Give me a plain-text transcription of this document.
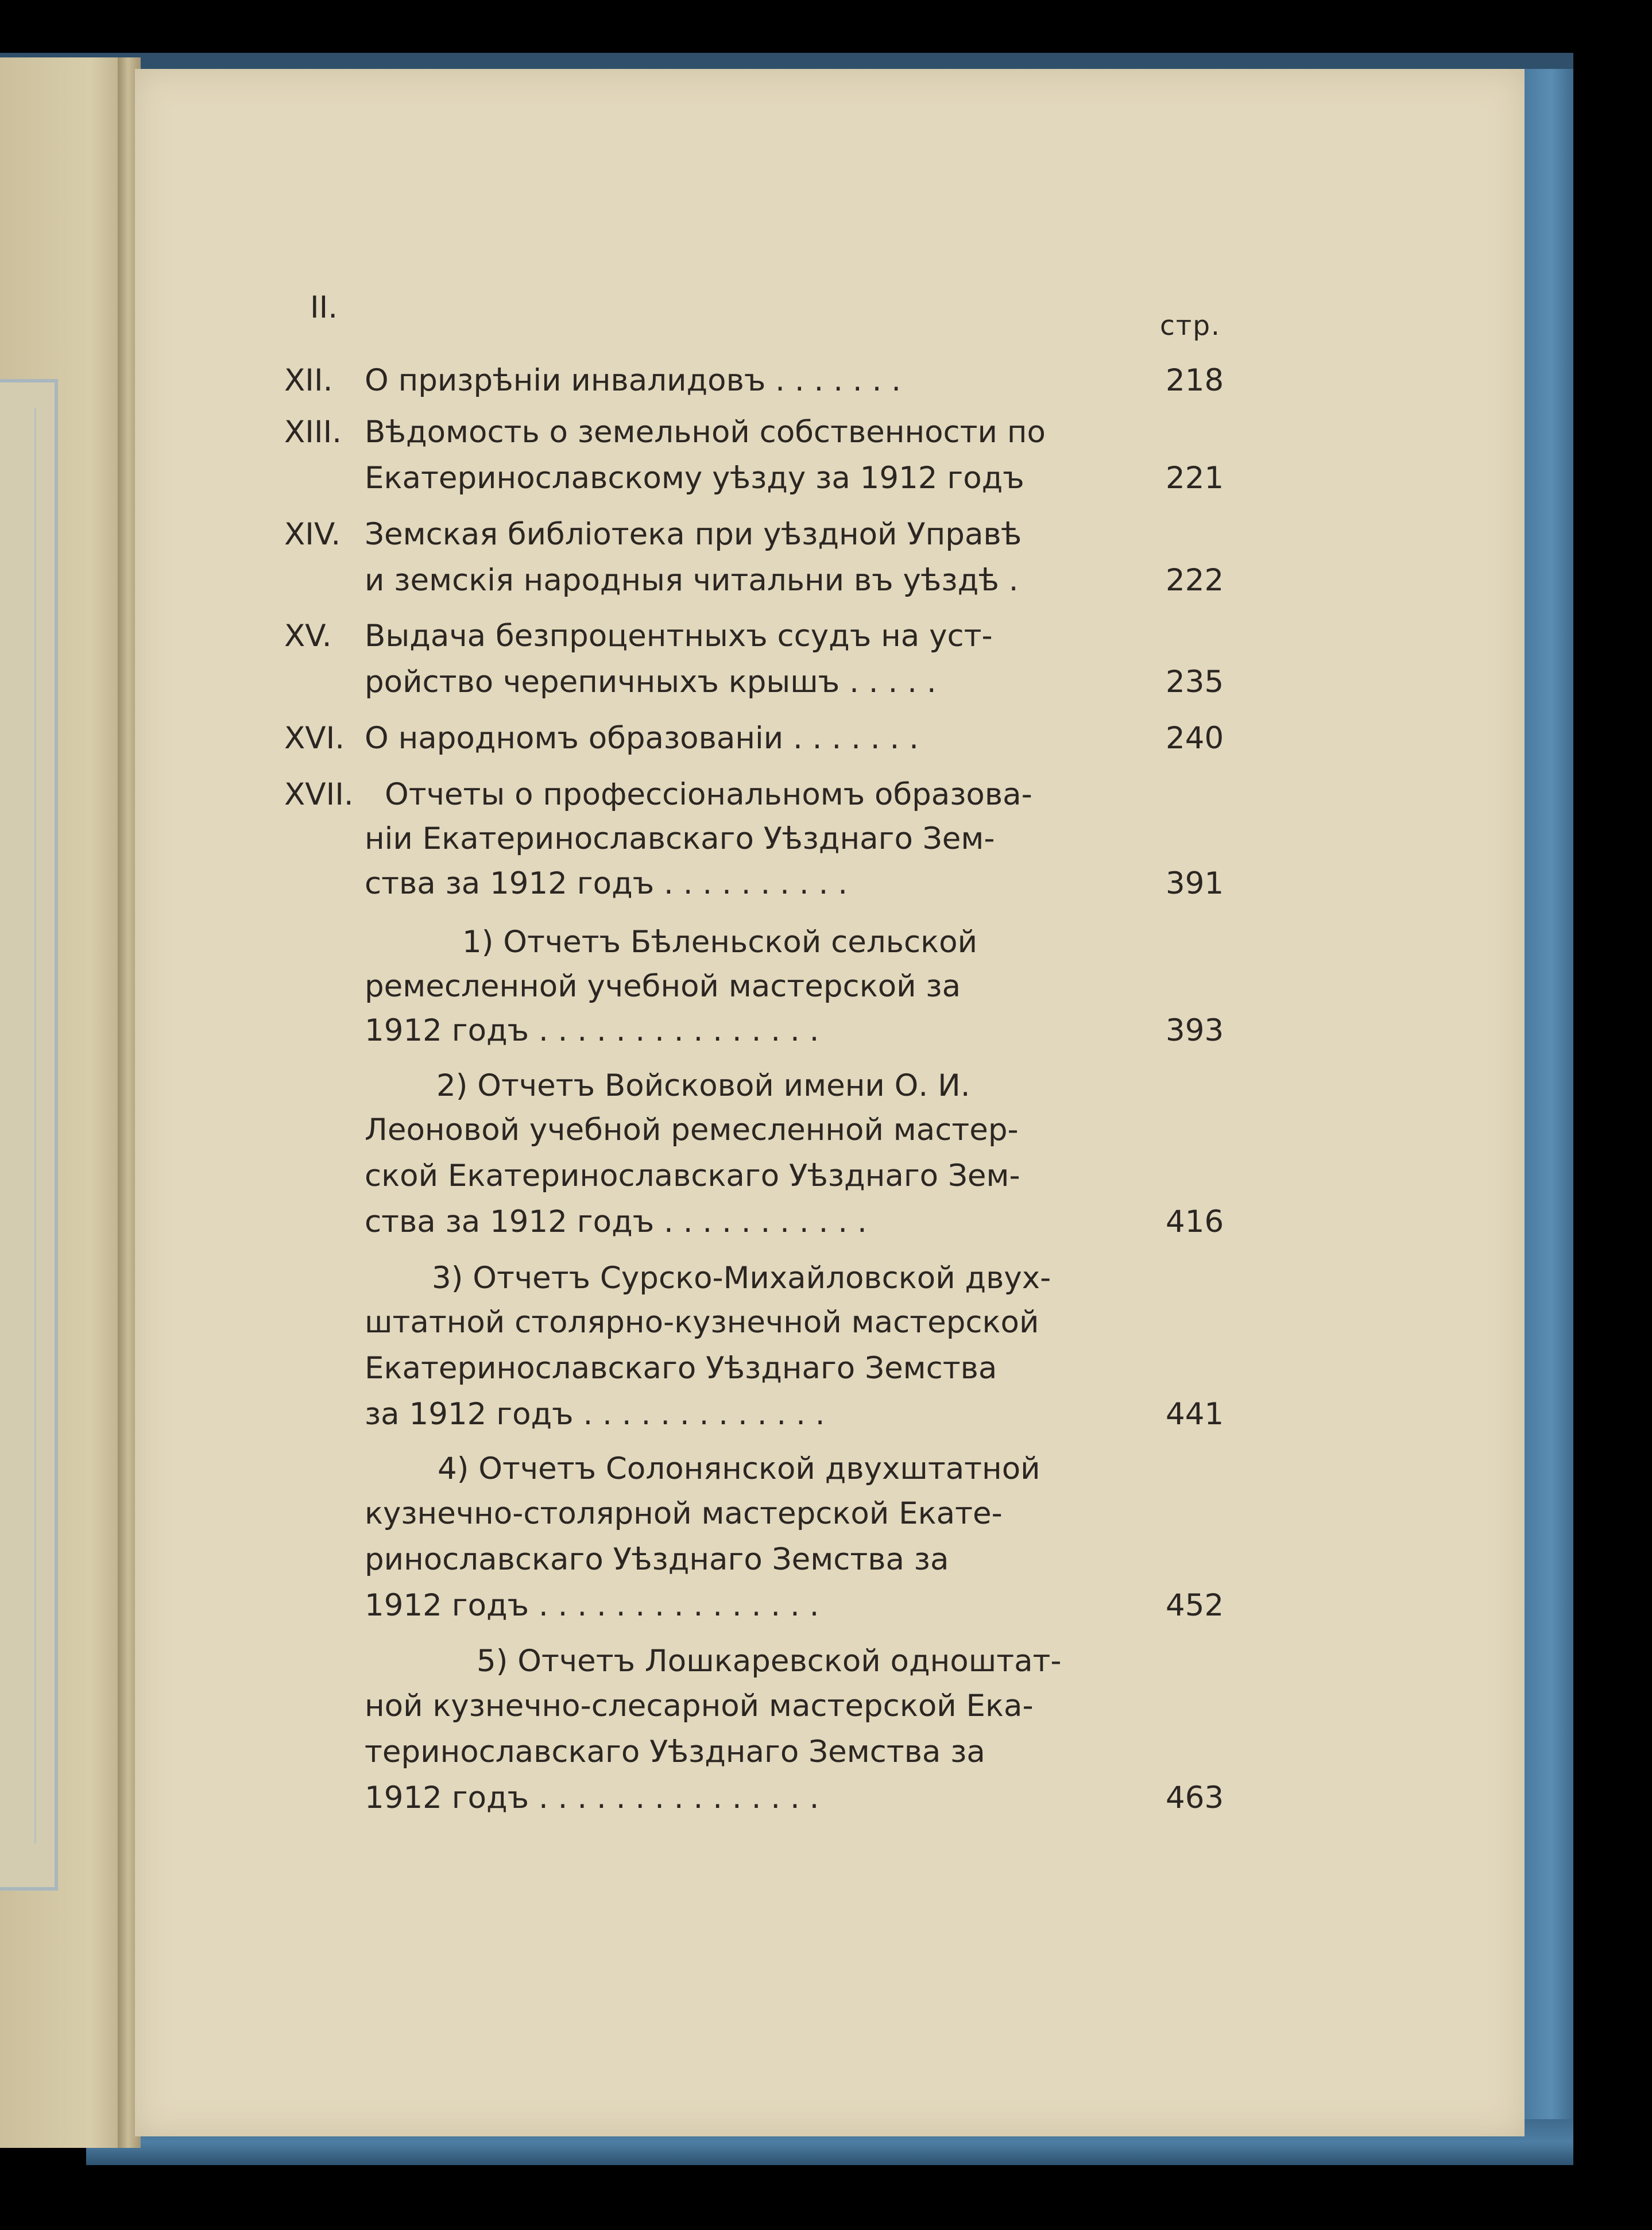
II.
стр.
XII. О призрѣніи инвалидовъ . . . . . . .	218
XIII. Вѣдомость о земельной собственности по
Екатеринославскому уѣзду за 1912 годъ	221
XIV. Земская библіотека при уѣздной Управѣ
и земскія народныя читальни въ уѣздѣ .	222
XV. Выдача безпроцентныхъ ссудъ на уст-
ройство черепичныхъ крышъ . . . . .	235
XVI. О народномъ образованіи . . . . . . .	240
XVII. Отчеты о профессіональномъ образова-
ніи Екатеринославскаго Уѣзднаго Зем-
ства за 1912 годъ . . . . . . . . . .	391
1) Отчетъ Бѣленьской сельской
ремесленной учебной мастерской за
1912 годъ . . . . . . . . . . . . . . .	393
2) Отчетъ Войсковой имени О. И.
Леоновой учебной ремесленной мастер-
ской Екатеринославскаго Уѣзднаго Зем-
ства за 1912 годъ . . . . . . . . . . .	416
3) Отчетъ Сурско-Михайловской двух-
штатной столярно-кузнечной мастерской
Екатеринославскаго Уѣзднаго Земства
за 1912 годъ . . . . . . . . . . . . .	441
4) Отчетъ Солонянской двухштатной
кузнечно-столярной мастерской Екате-
ринославскаго Уѣзднаго Земства за
1912 годъ . . . . . . . . . . . . . . .	452
5) Отчетъ Лошкаревской одноштат-
ной кузнечно-слесарной мастерской Ека-
теринославскаго Уѣзднаго Земства за
1912 годъ . . . . . . . . . . . . . . .	463
